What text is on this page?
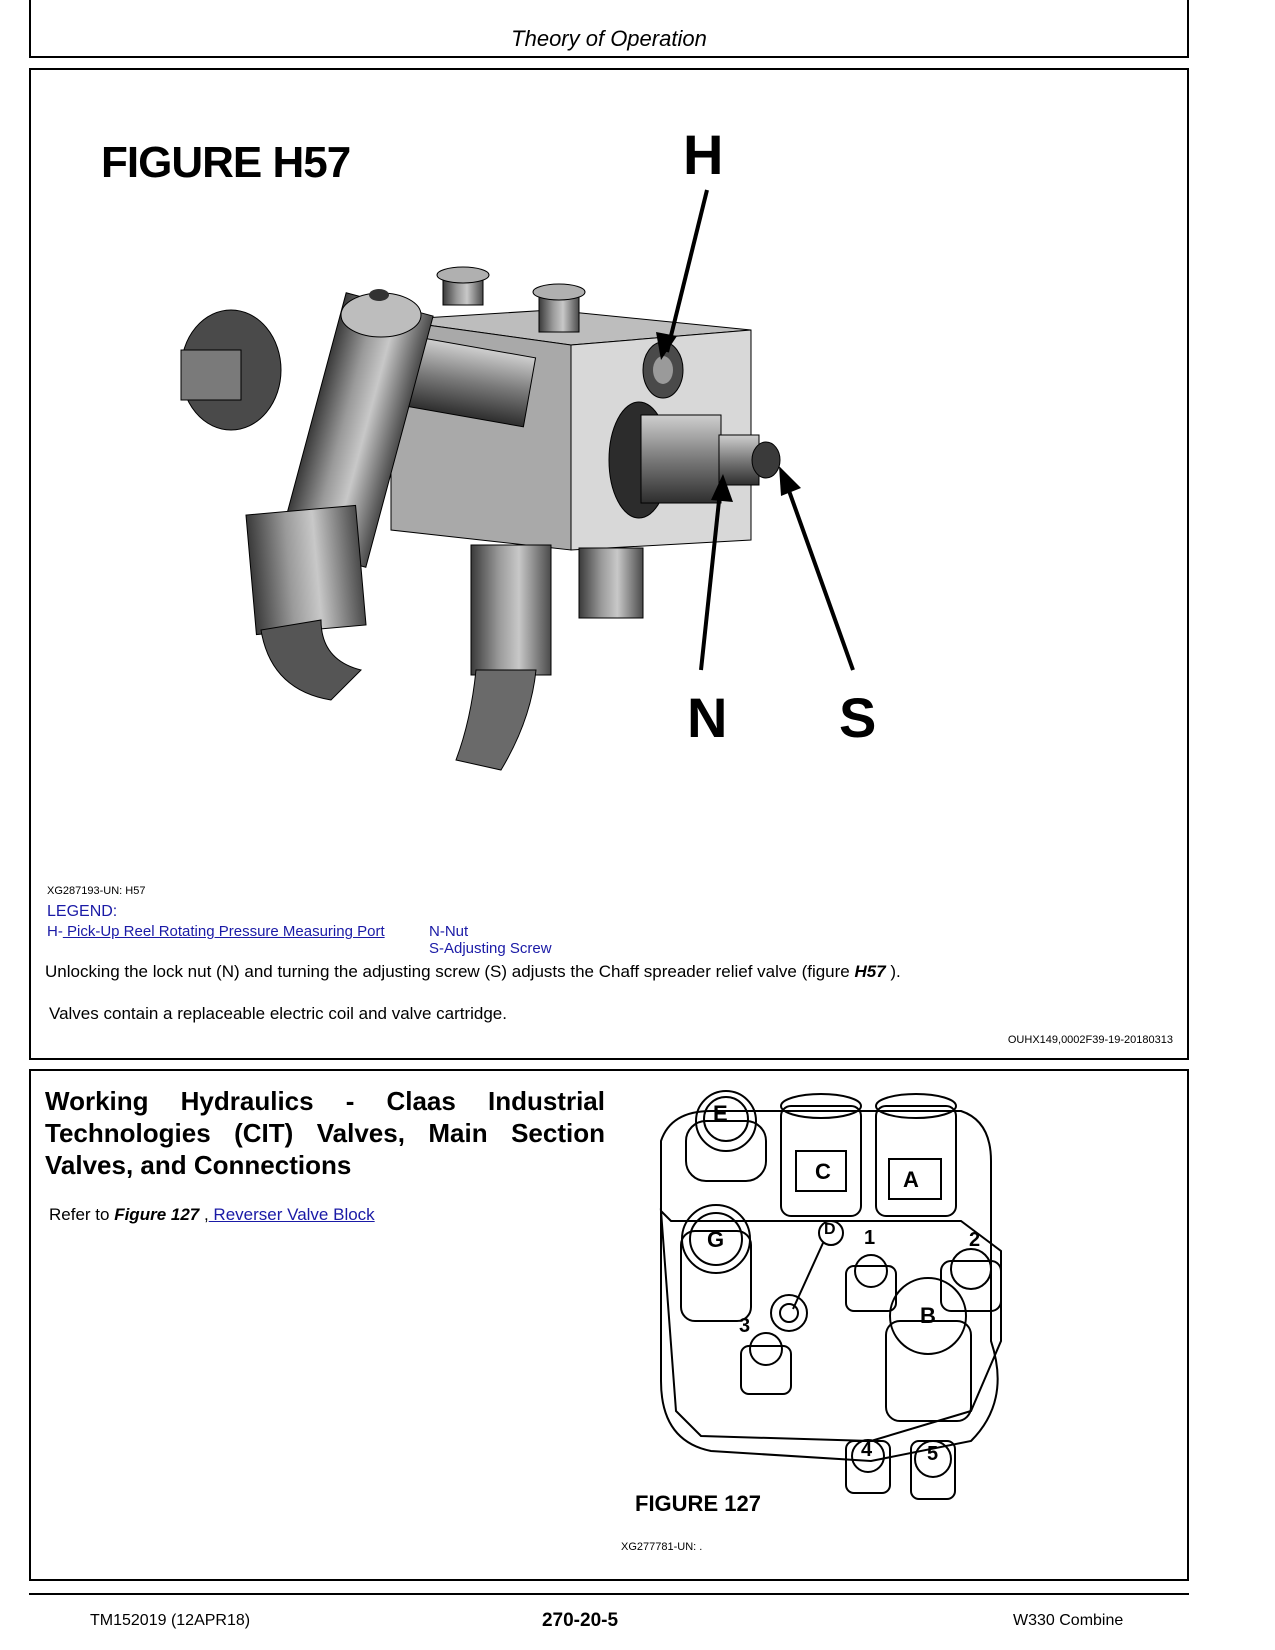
Theory of Operation
FIGURE H57	H
N S
XG287193-UN: H57
LEGEND:
H- Pick-Up Reel Rotating Pressure Measuring Port	N-Nut
S-Adjusting Screw
Unlocking the lock nut (N) and turning the adjusting screw (S) adjusts the Chaff spreader relief valve (figure H57 ).
Valves contain a replaceable electric coil and valve cartridge.
OUHX149,0002F39-19-20180313
Working Hydraulics - Claas Industrial Technologies (CIT) Valves, Main Section Valves, and Connections
Refer to Figure 127 , Reverser Valve Block
E
C	A
G	D 1	2
B
3
4	5
FIGURE 127
XG277781-UN: .
TM152019 (12APR18)	270-20-5	W330 Combine
